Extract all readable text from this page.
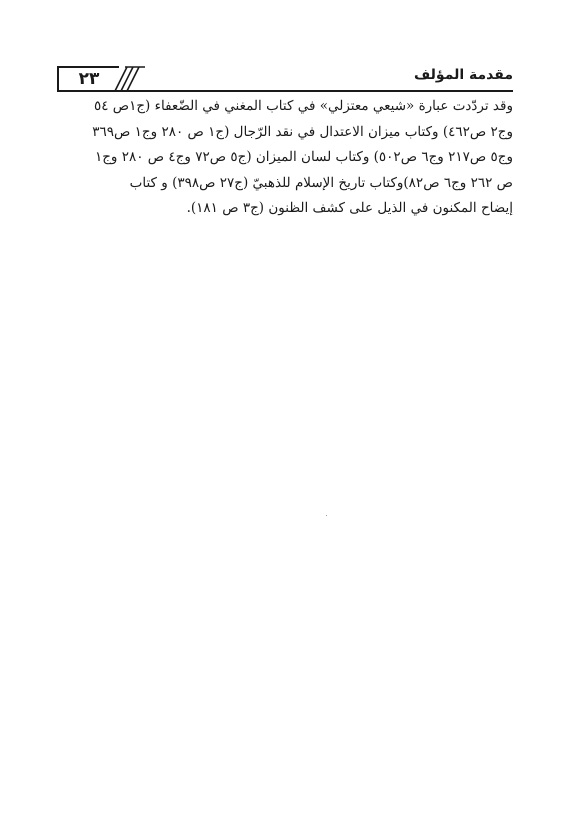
٢٣	مقدمة المؤلف
وقد تردّدت عبارة «شيعي معتزلي» في كتاب المغني في الضّعفاء (ج١ص ٥٤
وج٢ ص٤٦٢) وكتاب ميزان الاعتدال في نقد الرّجال (ج١ ص ٢٨٠ وج١ ص٣٦٩
وج٥ ص٢١٧ وج٦ ص٥٠٢) وكتاب لسان الميزان (ج٥ ص٧٢ وج٤ ص ٢٨٠ وج١
ص ٢٦٢ وج٦ ص٨٢)وكتاب تاريخ الإسلام للذهبيّ (ج٢٧ ص٣٩٨) و كتاب
إيضاح المكنون في الذيل على كشف الظنون (ج٣ ص ١٨١).
